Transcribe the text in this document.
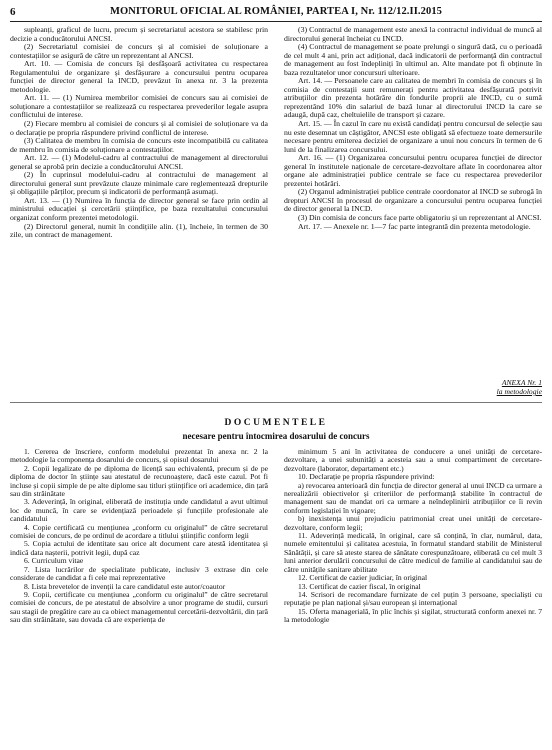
6	MONITORUL OFICIAL AL ROMÂNIEI, PARTEA I, Nr. 112/12.II.2015

supleanți, graficul de lucru, precum și secretariatul acestora se stabilesc prin decizie a conducătorului ANCSI.

(2) Secretariatul comisiei de concurs și al comisiei de soluționare a contestațiilor se asigură de către un reprezentant al ANCSI.

Art. 10. — Comisia de concurs își desfășoară activitatea cu respectarea Regulamentului de organizare și desfășurare a concursului pentru ocuparea funcției de director general la INCD, prevăzut în anexa nr. 3 la prezenta metodologie.

Art. 11. — (1) Numirea membrilor comisiei de concurs sau ai comisiei de soluționare a contestațiilor se realizează cu respectarea prevederilor legale asupra conflictului de interese.

(2) Fiecare membru al comisiei de concurs și al comisiei de soluționare va da o declarație pe propria răspundere privind conflictul de interese.

(3) Calitatea de membru în comisia de concurs este incompatibilă cu calitatea de membru în comisia de soluționare a contestațiilor.

Art. 12. — (1) Modelul-cadru al contractului de management al directorului general se aprobă prin decizie a conducătorului ANCSI.

(2) În cuprinsul modelului-cadru al contractului de management al directorului general sunt prevăzute clauze minimale care reglementează drepturile și obligațiile părților, precum și indicatorii de performanță asumați.

Art. 13. — (1) Numirea în funcția de director general se face prin ordin al ministrului educației și cercetării științifice, pe baza rezultatului concursului organizat conform prezentei metodologii.

(2) Directorul general, numit în condițiile alin. (1), încheie, în termen de 30 zile, un contract de management.

(3) Contractul de management este anexă la contractul individual de muncă al directorului general încheiat cu INCD.

(4) Contractul de management se poate prelungi o singură dată, cu o perioadă de cel mult 4 ani, prin act adițional, dacă indicatorii de performanță din contractul de management au fost îndepliniți în ultimul an. Alte mandate pot fi obținute în baza rezultatelor unor concursuri ulterioare.

Art. 14. — Persoanele care au calitatea de membri în comisia de concurs și în comisia de contestații sunt remunerați pentru activitatea desfășurată potrivit atribuțiilor din prezenta hotărâre din fondurile proprii ale INCD, cu o sumă reprezentând 10% din salariul de bază lunar al directorului INCD la care se adaugă, după caz, cheltuielile de transport și cazare.

Art. 15. — În cazul în care nu există candidați pentru concursul de selecție sau nu este desemnat un câștigător, ANCSI este obligată să efectueze toate demersurile necesare pentru emiterea deciziei de organizare a unui nou concurs în termen de 6 luni de la finalizarea concursului.

Art. 16. — (1) Organizarea concursului pentru ocuparea funcției de director general în institutele naționale de cercetare-dezvoltare aflate în coordonarea altor organe ale administrației publice centrale se face cu respectarea prevederilor prezentei hotărâri.

(2) Organul administrației publice centrale coordonator al INCD se subrogă în drepturi ANCSI în procesul de organizare a concursului pentru ocuparea funcției de director general la INCD.

(3) Din comisia de concurs face parte obligatoriu și un reprezentant al ANCSI.

Art. 17. — Anexele nr. 1—7 fac parte integrantă din prezenta metodologie.

ANEXA Nr. 1
la metodologie
DOCUMENTELE
necesare pentru întocmirea dosarului de concurs

1. Cererea de înscriere, conform modelului prezentat în anexa nr. 2 la metodologie la componența dosarului de concurs, și opisul dosarului

2. Copii legalizate de pe diploma de licență sau echivalentă, precum și de pe diploma de doctor în științe sau atestatul de recunoaștere, dacă este cazul. Pot fi incluse și copii simple de pe alte diplome sau titluri științifice ori academice, din țară sau din străinătate

3. Adeverință, în original, eliberată de instituția unde candidatul a avut ultimul loc de muncă, în care se evidențiază perioadele și funcțiile profesionale ale candidatului

4. Copie certificată cu mențiunea „conform cu originalul” de către secretarul comisiei de concurs, de pe ordinul de acordare a titlului științific conform legii

5. Copia actului de identitate sau orice alt document care atestă identitatea și indică data nașterii, potrivit legii, după caz

6. Curriculum vitae

7. Lista lucrărilor de specialitate publicate, inclusiv 3 extrase din cele considerate de candidat a fi cele mai reprezentative

8. Lista brevetelor de invenții la care candidatul este autor/coautor

9. Copii, certificate cu mențiunea „conform cu originalul” de către secretarul comisiei de concurs, de pe atestatul de absolvire a unor programe de studii, cursuri sau stagii de pregătire care au ca obiect managementul cercetării-dezvoltării, din țară sau din străinătate, sau dovada că are experiența de

minimum 5 ani în activitatea de conducere a unei unități de cercetare-dezvoltare, a unei subunități a acesteia sau a unui compartiment de cercetare-dezvoltare (laborator, departament etc.)

10. Declarație pe propria răspundere privind:

a) revocarea anterioară din funcția de director general al unui INCD ca urmare a nerealizării obiectivelor și criteriilor de performanță stabilite în contractul de management sau de mandat ori ca urmare a neîndeplinirii atribuțiilor ce îi revin conform legislației în vigoare;

b) inexistența unui prejudiciu patrimonial creat unei unități de cercetare-dezvoltare, conform legii;

11. Adeverință medicală, în original, care să conțină, în clar, numărul, data, numele emitentului și calitatea acestuia, în formatul standard stabilit de Ministerul Sănătății, și care să ateste starea de sănătate corespunzătoare, eliberată cu cel mult 3 luni anterior derulării concursului de către medicul de familie al candidatului sau de către unitățile sanitare abilitate

12. Certificat de cazier judiciar, în original

13. Certificat de cazier fiscal, în original

14. Scrisori de recomandare furnizate de cel puțin 3 persoane, specialiști cu reputație pe plan național și/sau european și internațional

15. Oferta managerială, în plic închis și sigilat, structurată conform anexei nr. 7 la metodologie
